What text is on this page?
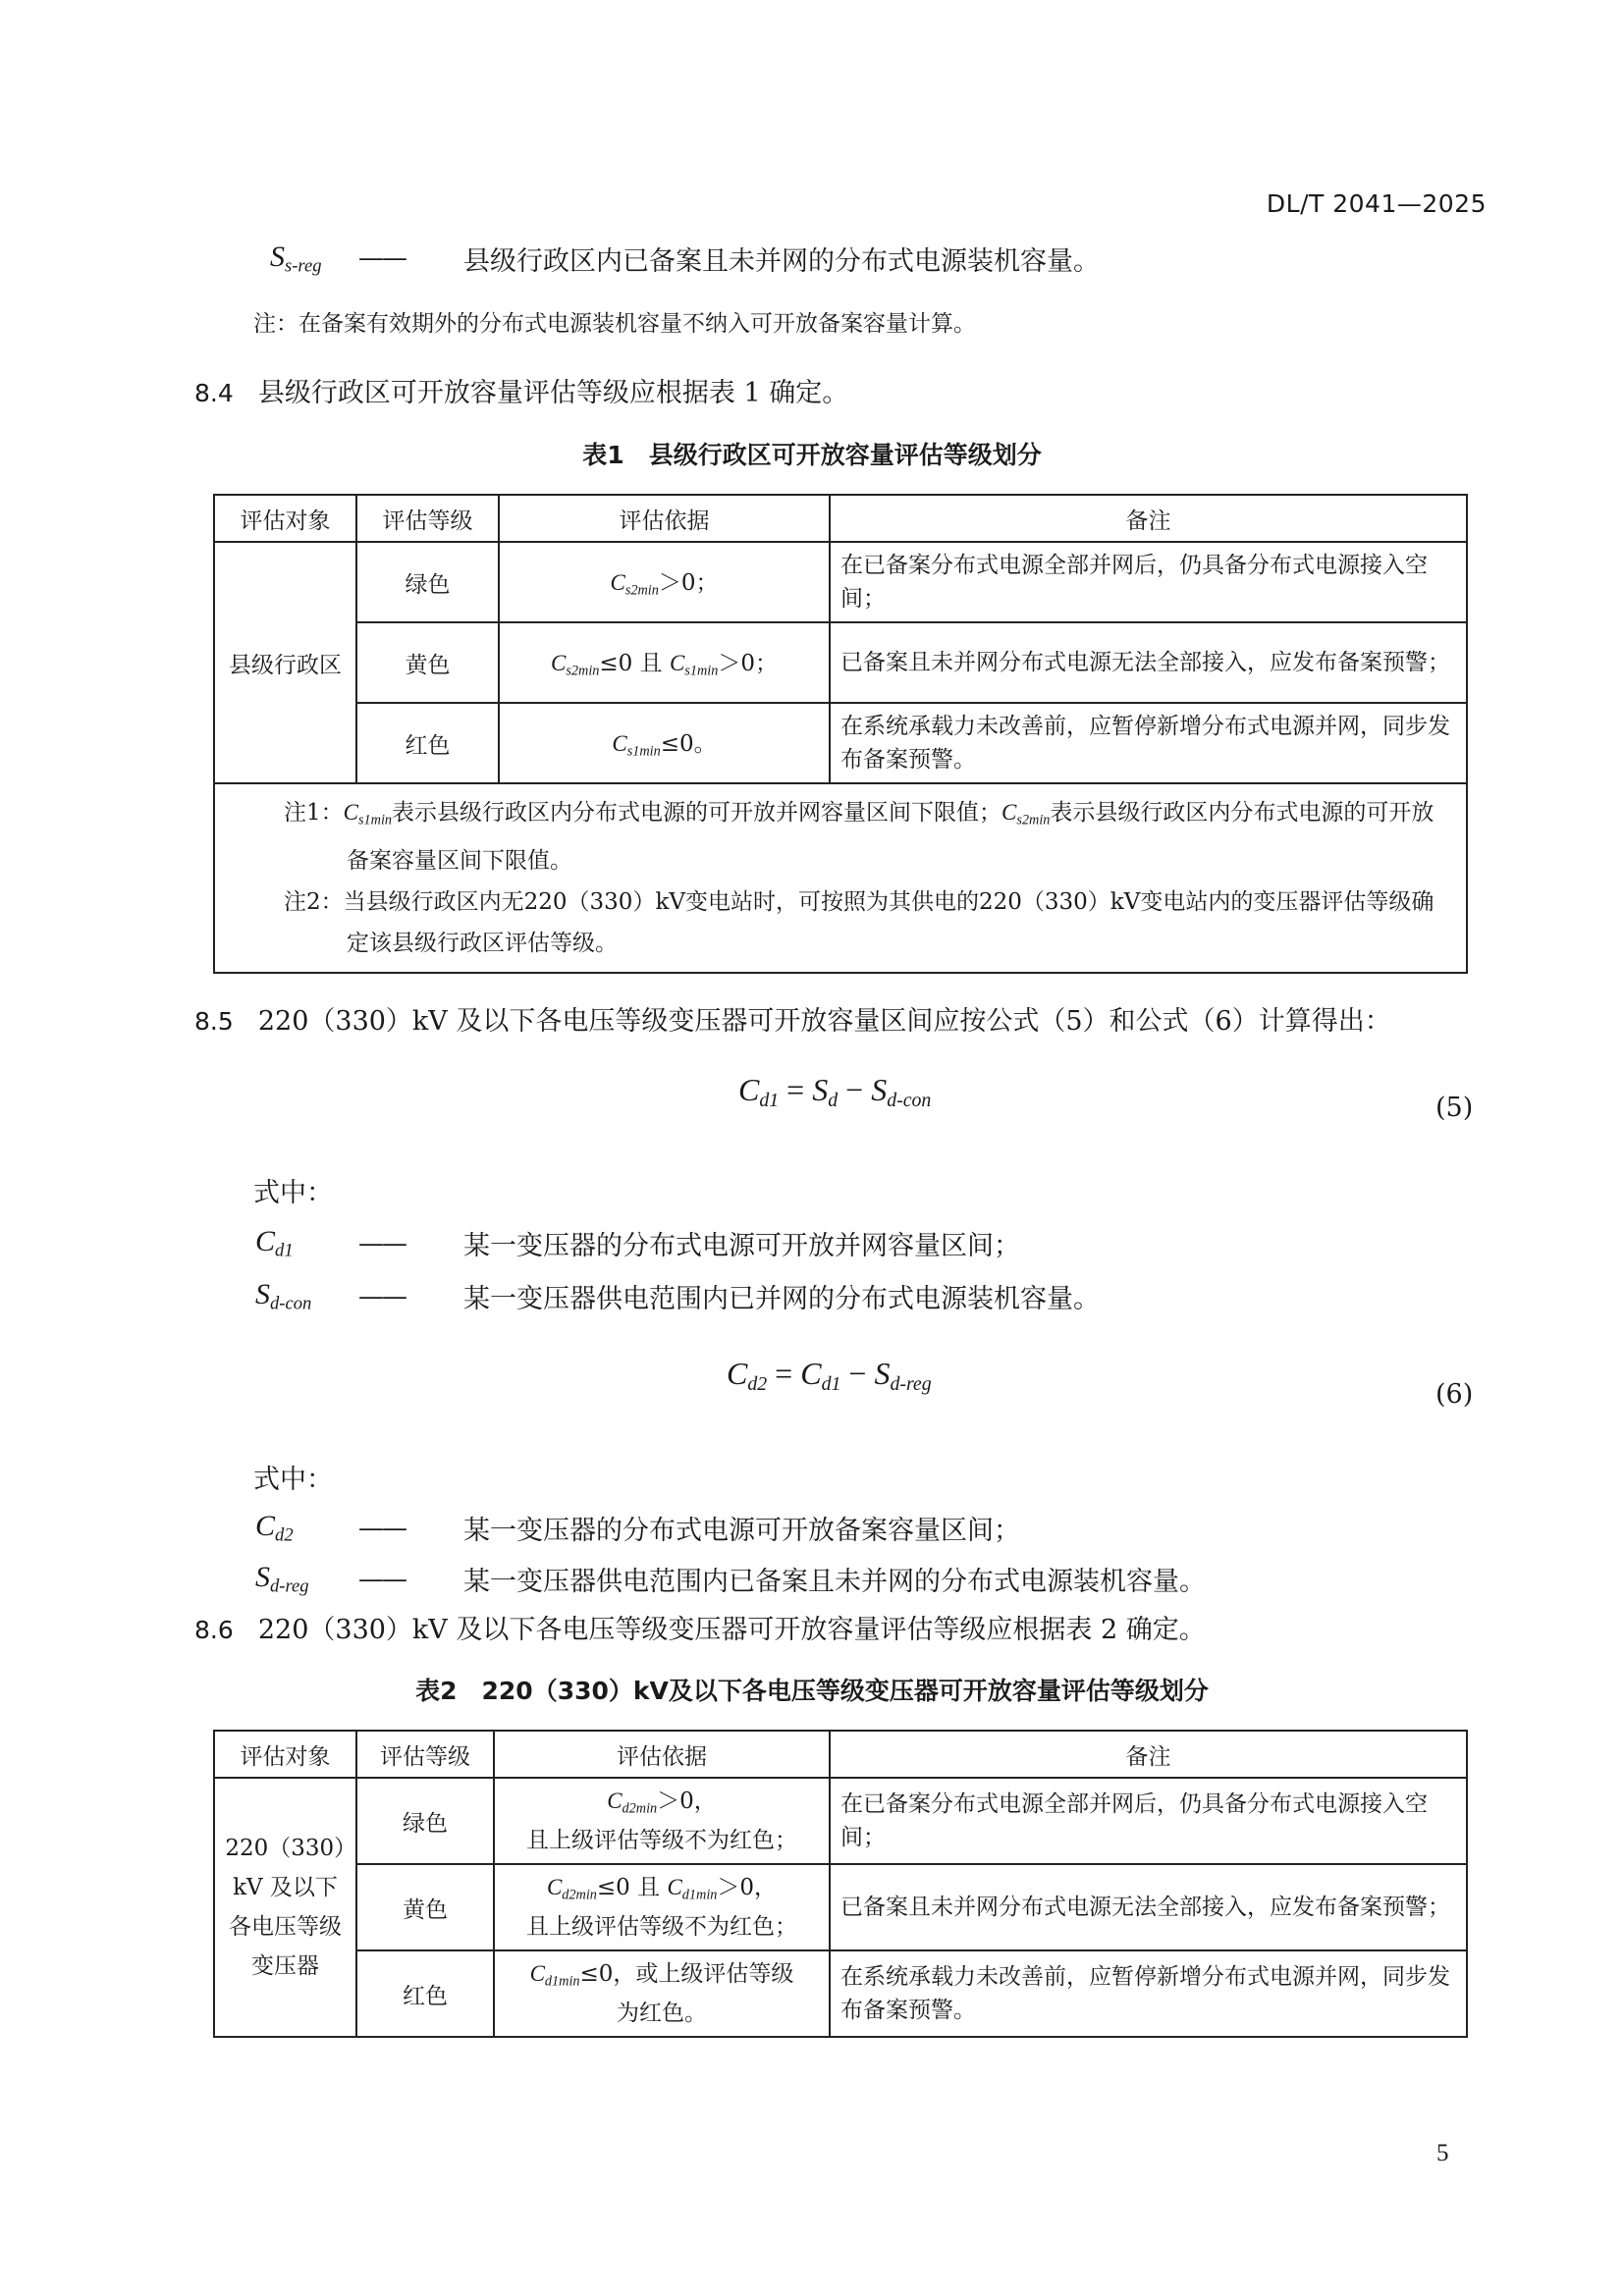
DL/T 2041—2025
$S_{s-reg}$ —— 县级行政区内已备案且未并网的分布式电源装机容量。
注：在备案有效期外的分布式电源装机容量不纳入可开放备案容量计算。
8.4 县级行政区可开放容量评估等级应根据表 1 确定。
表1　县级行政区可开放容量评估等级划分
评估对象	评估等级	评估依据	备注
县级行政区	绿色	$C_{s2min}>0$；	在已备案分布式电源全部并网后，仍具备分布式电源接入空间；
	黄色	$C_{s2min}\le 0$ 且 $C_{s1min}>0$；	已备案且未并网分布式电源无法全部接入，应发布备案预警；
	红色	$C_{s1min}\le 0$。	在系统承载力未改善前，应暂停新增分布式电源并网，同步发布备案预警。

注1：$C_{s1min}$表示县级行政区内分布式电源的可开放并网容量区间下限值；$C_{s2min}$表示县级行政区内分布式电源的可开放备案容量区间下限值。
注2：当县级行政区内无220（330）kV变电站时，可按照为其供电的220（330）kV变电站内的变压器评估等级确定该县级行政区评估等级。			
8.5 220（330）kV 及以下各电压等级变压器可开放容量区间应按公式（5）和公式（6）计算得出：
$C_{d1} = S_d - S_{d-con}$	(5)
式中：
$C_{d1}$	—— 某一变压器的分布式电源可开放并网容量区间；
$S_{d-con}$ —— 某一变压器供电范围内已并网的分布式电源装机容量。
$C_{d2} = C_{d1} - S_{d-reg}$	(6)
式中：
$C_{d2}$	—— 某一变压器的分布式电源可开放备案容量区间；
$S_{d-reg}$ —— 某一变压器供电范围内已备案且未并网的分布式电源装机容量。
8.6 220（330）kV 及以下各电压等级变压器可开放容量评估等级应根据表 2 确定。
表2　220（330）kV及以下各电压等级变压器可开放容量评估等级划分
评估对象	评估等级	评估依据	备注
220（330）kV 及以下各电压等级变压器	绿色	$C_{d2min}>0$，
且上级评估等级不为红色；	在已备案分布式电源全部并网后，仍具备分布式电源接入空间；
	黄色	$C_{d2min}\le 0$ 且 $C_{d1min}>0$，
且上级评估等级不为红色；	已备案且未并网分布式电源无法全部接入，应发布备案预警；
	红色	$C_{d1min}\le 0$，或上级评估等级
为红色。	在系统承载力未改善前，应暂停新增分布式电源并网，同步发布备案预警。
5
